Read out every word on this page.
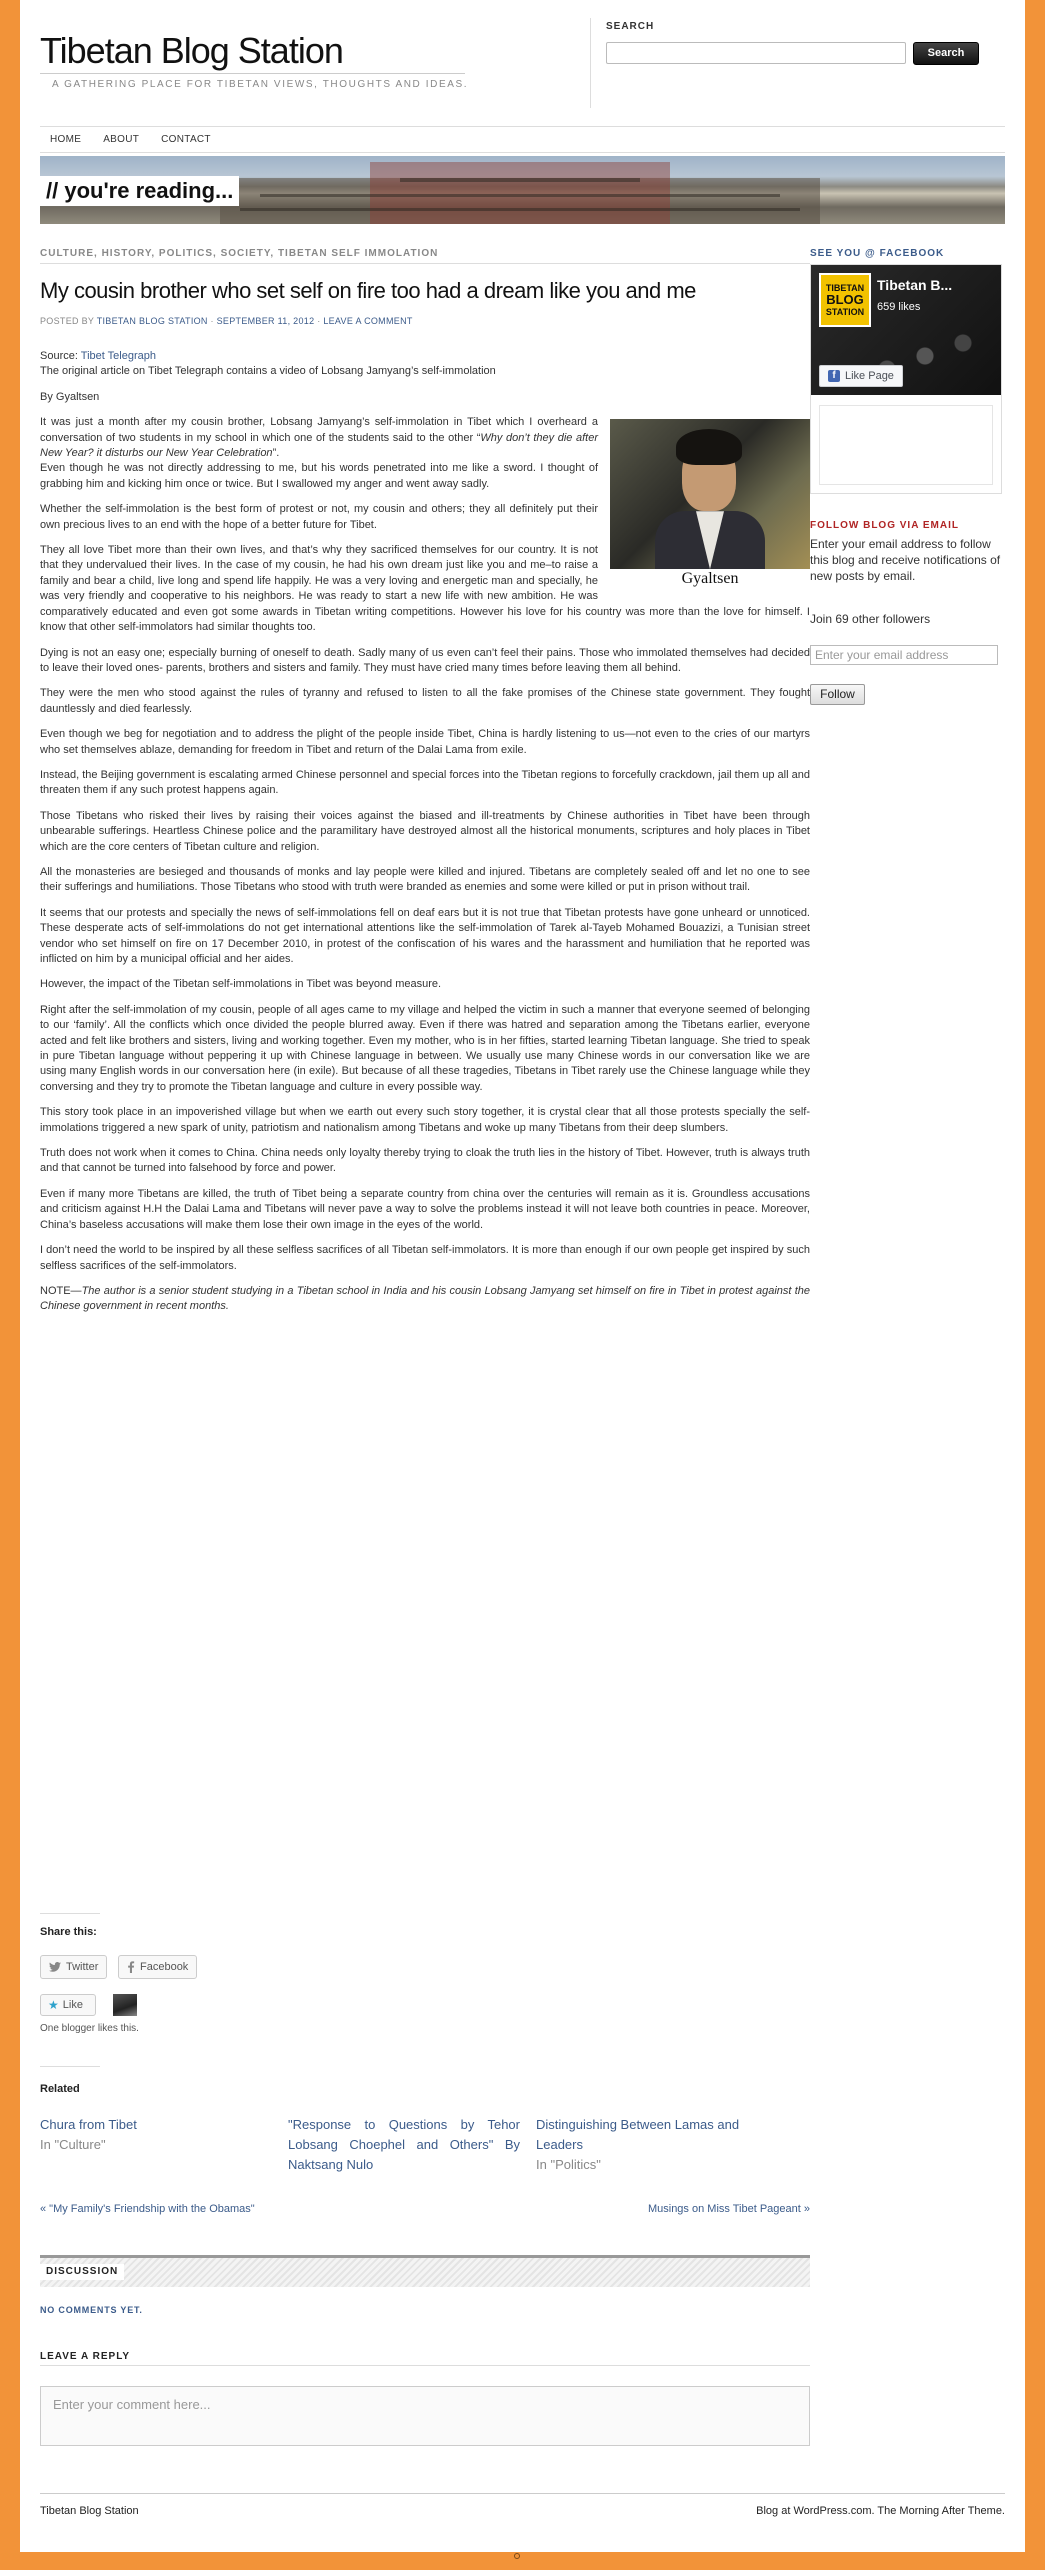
Tibetan Blog Station
A GATHERING PLACE FOR TIBETAN VIEWS, THOUGHTS AND IDEAS.
SEARCH
Search
HOME ABOUT CONTACT
// you're reading...
CULTURE, HISTORY, POLITICS, SOCIETY, TIBETAN SELF IMMOLATION
My cousin brother who set self on fire too had a dream like you and me
POSTED BY TIBETAN BLOG STATION · SEPTEMBER 11, 2012 · LEAVE A COMMENT

Source: Tibet Telegraph

The original article on Tibet Telegraph contains a video of Lobsang Jamyang’s self-immolation

By Gyaltsen

Gyaltsen

It was just a month after my cousin brother, Lobsang Jamyang’s self-immolation in Tibet which I overheard a conversation of two students in my school in which one of the students said to the other “Why don’t they die after New Year? it disturbs our New Year Celebration”.

Even though he was not directly addressing to me, but his words penetrated into me like a sword. I thought of grabbing him and kicking him once or twice. But I swallowed my anger and went away sadly.

Whether the self-immolation is the best form of protest or not, my cousin and others; they all definitely put their own precious lives to an end with the hope of a better future for Tibet.

They all love Tibet more than their own lives, and that’s why they sacrificed themselves for our country. It is not that they undervalued their lives. In the case of my cousin, he had his own dream just like you and me–to raise a family and bear a child, live long and spend life happily. He was a very loving and energetic man and specially, he was very friendly and cooperative to his neighbors. He was ready to start a new life with new ambition. He was comparatively educated and even got some awards in Tibetan writing competitions. However his love for his country was more than the love for himself. I know that other self-immolators had similar thoughts too.

Dying is not an easy one; especially burning of oneself to death. Sadly many of us even can’t feel their pains. Those who immolated themselves had decided to leave their loved ones- parents, brothers and sisters and family. They must have cried many times before leaving them all behind.

They were the men who stood against the rules of tyranny and refused to listen to all the fake promises of the Chinese state government. They fought dauntlessly and died fearlessly.

Even though we beg for negotiation and to address the plight of the people inside Tibet, China is hardly listening to us—not even to the cries of our martyrs who set themselves ablaze, demanding for freedom in Tibet and return of the Dalai Lama from exile.

Instead, the Beijing government is escalating armed Chinese personnel and special forces into the Tibetan regions to forcefully crackdown, jail them up all and threaten them if any such protest happens again.

Those Tibetans who risked their lives by raising their voices against the biased and ill-treatments by Chinese authorities in Tibet have been through unbearable sufferings. Heartless Chinese police and the paramilitary have destroyed almost all the historical monuments, scriptures and holy places in Tibet which are the core centers of Tibetan culture and religion.

All the monasteries are besieged and thousands of monks and lay people were killed and injured. Tibetans are completely sealed off and let no one to see their sufferings and humiliations. Those Tibetans who stood with truth were branded as enemies and some were killed or put in prison without trail.

It seems that our protests and specially the news of self-immolations fell on deaf ears but it is not true that Tibetan protests have gone unheard or unnoticed. These desperate acts of self-immolations do not get international attentions like the self-immolation of Tarek al-Tayeb Mohamed Bouazizi, a Tunisian street vendor who set himself on fire on 17 December 2010, in protest of the confiscation of his wares and the harassment and humiliation that he reported was inflicted on him by a municipal official and her aides.

However, the impact of the Tibetan self-immolations in Tibet was beyond measure.

Right after the self-immolation of my cousin, people of all ages came to my village and helped the victim in such a manner that everyone seemed of belonging to our ‘family’. All the conflicts which once divided the people blurred away. Even if there was hatred and separation among the Tibetans earlier, everyone acted and felt like brothers and sisters, living and working together. Even my mother, who is in her fifties, started learning Tibetan language. She tried to speak in pure Tibetan language without peppering it up with Chinese language in between. We usually use many Chinese words in our conversation like we are using many English words in our conversation here (in exile). But because of all these tragedies, Tibetans in Tibet rarely use the Chinese language while they conversing and they try to promote the Tibetan language and culture in every possible way.

This story took place in an impoverished village but when we earth out every such story together, it is crystal clear that all those protests specially the self-immolations triggered a new spark of unity, patriotism and nationalism among Tibetans and woke up many Tibetans from their deep slumbers.

Truth does not work when it comes to China. China needs only loyalty thereby trying to cloak the truth lies in the history of Tibet. However, truth is always truth and that cannot be turned into falsehood by force and power.

Even if many more Tibetans are killed, the truth of Tibet being a separate country from china over the centuries will remain as it is. Groundless accusations and criticism against H.H the Dalai Lama and Tibetans will never pave a way to solve the problems instead it will not leave both countries in peace. Moreover, China’s baseless accusations will make them lose their own image in the eyes of the world.

I don’t need the world to be inspired by all these selfless sacrifices of all Tibetan self-immolators. It is more than enough if our own people get inspired by such selfless sacrifices of the self-immolators.

NOTE—The author is a senior student studying in a Tibetan school in India and his cousin Lobsang Jamyang set himself on fire in Tibet in protest against the Chinese government in recent months.

Share this:
Twitter	Facebook
★ Like
One blogger likes this.
Related
Chura from Tibet
In "Culture"
"Response to Questions by Tehor Lobsang Choephel and Others" By Naktsang Nulo
Distinguishing Between Lamas and Leaders
In "Politics"
« "My Family's Friendship with the Obamas"	Musings on Miss Tibet Pageant »
DISCUSSION
NO COMMENTS YET.
LEAVE A REPLY
Enter your comment here...
Tibetan Blog Station	Blog at WordPress.com. The Morning After Theme.
SEE YOU @ FACEBOOK
TIBETAN
BLOG
STATION
Tibetan B...
659 likes
f Like Page
FOLLOW BLOG VIA EMAIL
Enter your email address to follow this blog and receive notifications of new posts by email.
Join 69 other followers
Enter your email address
Follow
